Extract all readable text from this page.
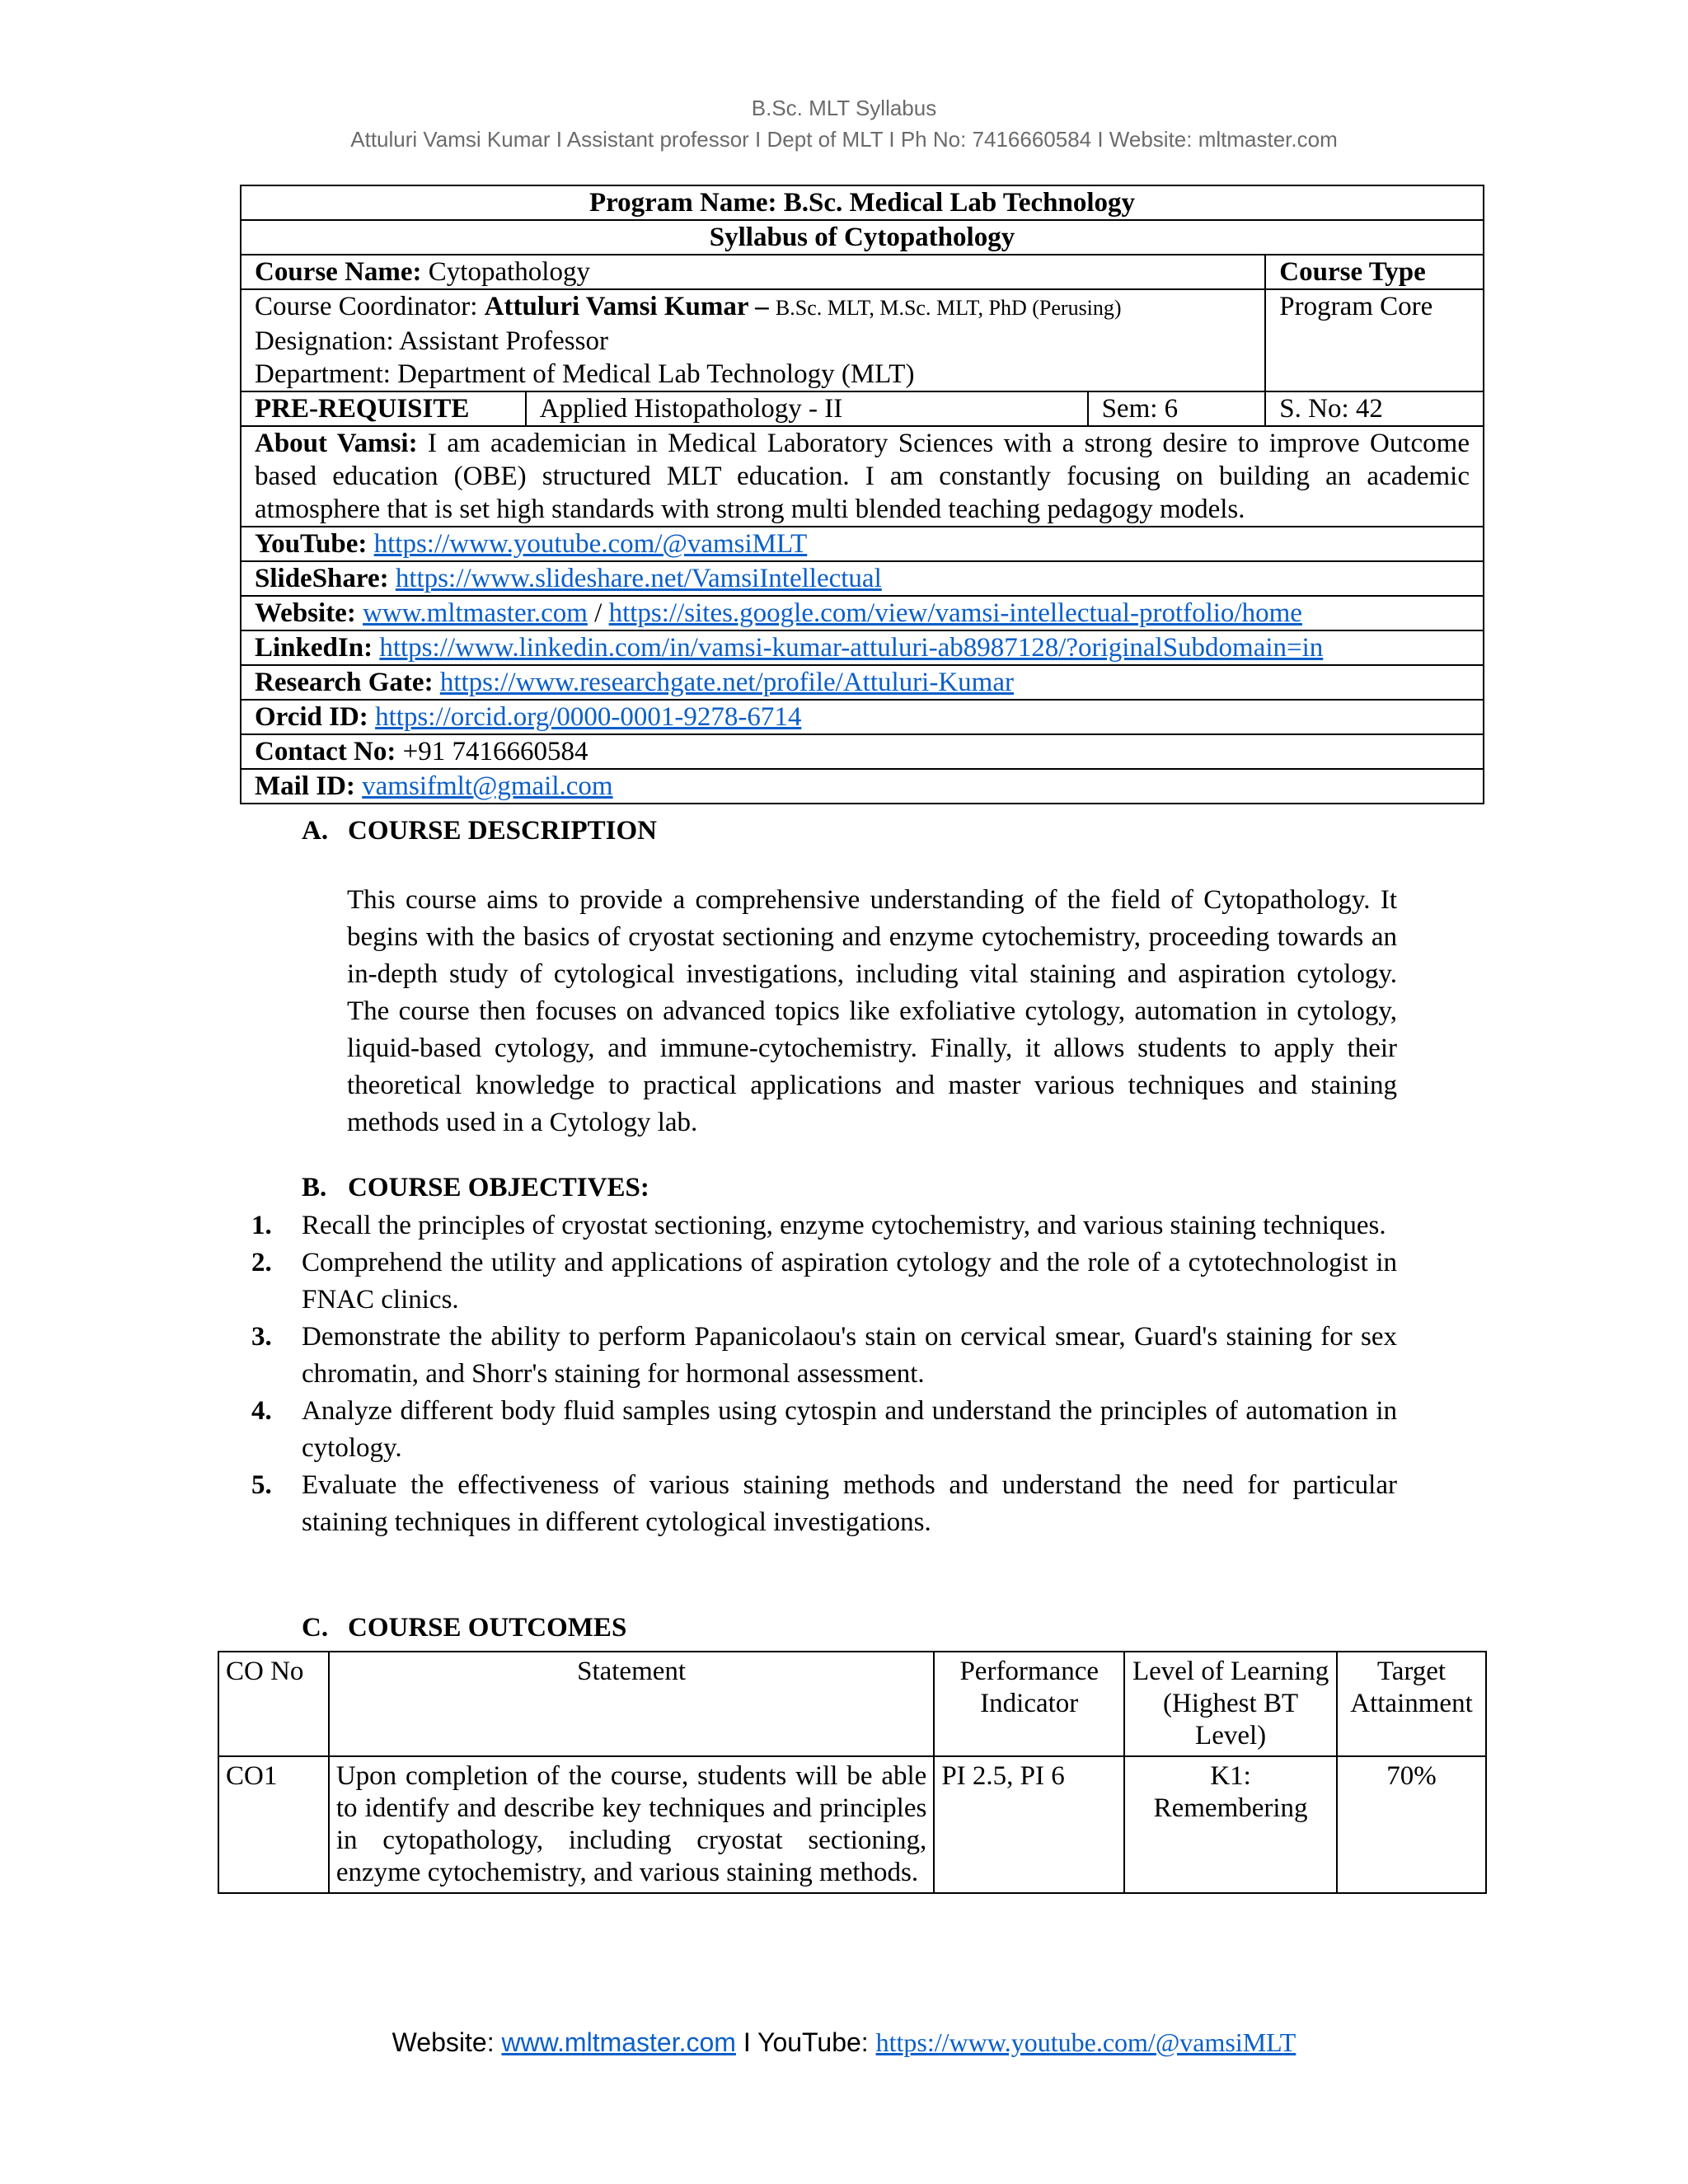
B.Sc. MLT Syllabus
Attuluri Vamsi Kumar I Assistant professor I Dept of MLT I Ph No: 7416660584 I Website: mltmaster.com
Program Name: B.Sc. Medical Lab Technology			
Syllabus of Cytopathology			
Course Name: Cytopathology			Course Type

Course Coordinator: Attuluri Vamsi Kumar – B.Sc. MLT, M.Sc. MLT, PhD (Perusing)
Designation: Assistant Professor
Department: Department of Medical Lab Technology (MLT)			Program Core
PRE-REQUISITE	Applied Histopathology - II	Sem: 6	S. No: 42
About Vamsi: I am academician in Medical Laboratory Sciences with a strong desire to improve Outcome based education (OBE) structured MLT education. I am constantly focusing on building an academic atmosphere that is set high standards with strong multi blended teaching pedagogy models.			
YouTube: https://www.youtube.com/@vamsiMLT			
SlideShare: https://www.slideshare.net/VamsiIntellectual			
Website: www.mltmaster.com / https://sites.google.com/view/vamsi-intellectual-protfolio/home			
LinkedIn: https://www.linkedin.com/in/vamsi-kumar-attuluri-ab8987128/?originalSubdomain=in			
Research Gate: https://www.researchgate.net/profile/Attuluri-Kumar			
Orcid ID: https://orcid.org/0000-0001-9278-6714			
Contact No: +91 7416660584			
Mail ID: vamsifmlt@gmail.com			
A. COURSE DESCRIPTION
This course aims to provide a comprehensive understanding of the field of Cytopathology. It begins with the basics of cryostat sectioning and enzyme cytochemistry, proceeding towards an in-depth study of cytological investigations, including vital staining and aspiration cytology. The course then focuses on advanced topics like exfoliative cytology, automation in cytology, liquid-based cytology, and immune-cytochemistry. Finally, it allows students to apply their theoretical knowledge to practical applications and master various techniques and staining methods used in a Cytology lab.
B. COURSE OBJECTIVES:
1. Recall the principles of cryostat sectioning, enzyme cytochemistry, and various staining techniques.
2. Comprehend the utility and applications of aspiration cytology and the role of a cytotechnologist in FNAC clinics.
3. Demonstrate the ability to perform Papanicolaou's stain on cervical smear, Guard's staining for sex chromatin, and Shorr's staining for hormonal assessment.
4. Analyze different body fluid samples using cytospin and understand the principles of automation in cytology.
5. Evaluate the effectiveness of various staining methods and understand the need for particular staining techniques in different cytological investigations.
C. COURSE OUTCOMES
CO No	Statement	Performance Indicator	Level of Learning (Highest BT Level)	Target Attainment
CO1	Upon completion of the course, students will be able to identify and describe key techniques and principles in cytopathology, including cryostat sectioning, enzyme cytochemistry, and various staining methods.	PI 2.5, PI 6	K1: Remembering	70%
Website: www.mltmaster.com I YouTube: https://www.youtube.com/@vamsiMLT
